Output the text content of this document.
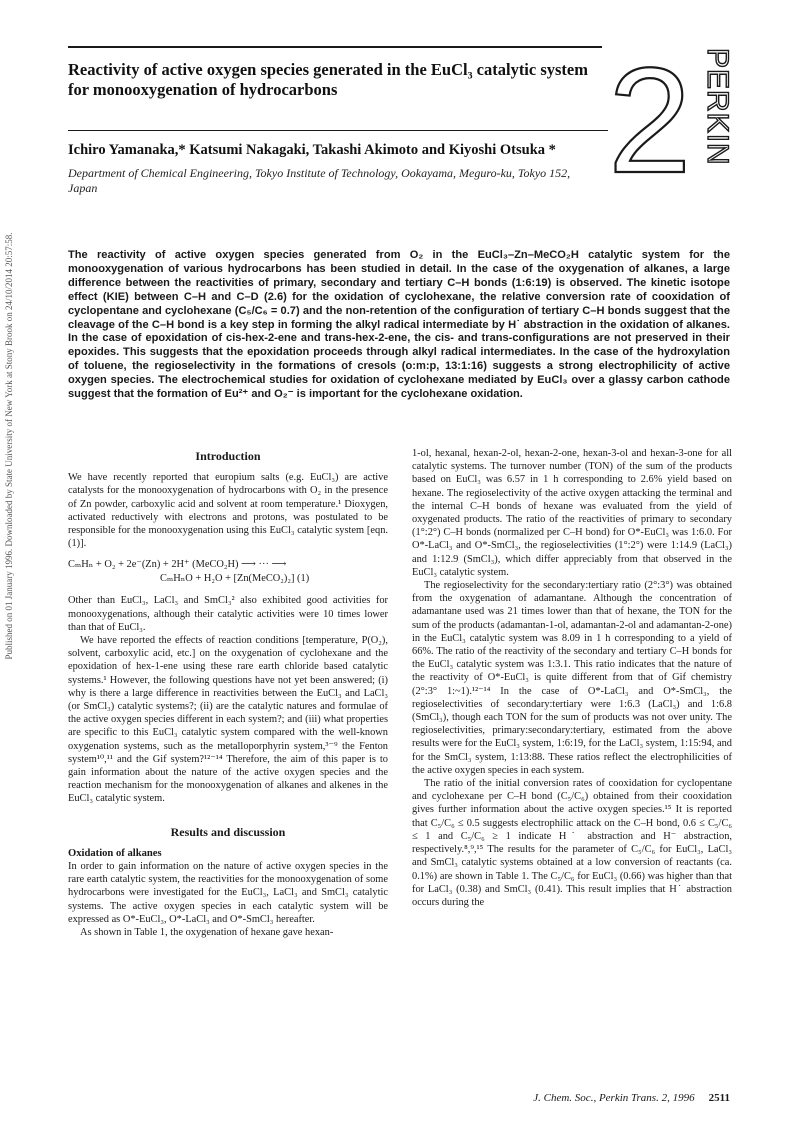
Published on 01 January 1996. Downloaded by State University of New York at Stony Brook on 24/10/2014 20:57:58.
2 PERKIN
Reactivity of active oxygen species generated in the EuCl₃ catalytic system for monooxygenation of hydrocarbons
Ichiro Yamanaka,* Katsumi Nakagaki, Takashi Akimoto and Kiyoshi Otsuka *
Department of Chemical Engineering, Tokyo Institute of Technology, Ookayama, Meguro-ku, Tokyo 152, Japan
The reactivity of active oxygen species generated from O₂ in the EuCl₃–Zn–MeCO₂H catalytic system for the monooxygenation of various hydrocarbons has been studied in detail. In the case of the oxygenation of alkanes, a large difference between the reactivities of primary, secondary and tertiary C–H bonds (1:6:19) is observed. The kinetic isotope effect (KIE) between C–H and C–D (2.6) for the oxidation of cyclohexane, the relative conversion rate of cooxidation of cyclopentane and cyclohexane (C₅/C₆ = 0.7) and the non-retention of the configuration of tertiary C–H bonds suggest that the cleavage of the C–H bond is a key step in forming the alkyl radical intermediate by H˙ abstraction in the oxidation of alkanes. In the case of epoxidation of cis-hex-2-ene and trans-hex-2-ene, the cis- and trans-configurations are not preserved in their epoxides. This suggests that the epoxidation proceeds through alkyl radical intermediates. In the case of the hydroxylation of toluene, the regioselectivity in the formations of cresols (o:m:p, 13:1:16) suggests a strong electrophilicity of active oxygen species. The electrochemical studies for oxidation of cyclohexane mediated by EuCl₃ over a glassy carbon cathode suggest that the formation of Eu²⁺ and O₂⁻ is important for the cyclohexane oxidation.
Introduction

We have recently reported that europium salts (e.g. EuCl₃) are active catalysts for the monooxygenation of hydrocarbons with O₂ in the presence of Zn powder, carboxylic acid and solvent at room temperature.¹ Dioxygen, activated reductively with electrons and protons, was postulated to be responsible for the monooxygenation using this EuCl₃ catalytic system [eqn. (1)].

CₘHₙ + O₂ + 2e⁻(Zn) + 2H⁺ (MeCO₂H) ⟶ ··· ⟶
CₘHₙO + H₂O + [Zn(MeCO₂)₂] (1)

Other than EuCl₃, LaCl₃ and SmCl₃² also exhibited good activities for monooxygenations, although their catalytic activities were 10 times lower than that of EuCl₃.

We have reported the effects of reaction conditions [temperature, P(O₂), solvent, carboxylic acid, etc.] on the oxygenation of cyclohexane and the epoxidation of hex-1-ene using these rare earth chloride based catalytic systems.¹ However, the following questions have not yet been answered; (i) why is there a large difference in reactivities between the EuCl₃ and LaCl₃ (or SmCl₃) catalytic systems?; (ii) are the catalytic natures and formulae of the active oxygen species different in each system?; and (iii) what properties are specific to this EuCl₃ catalytic system compared with the well-known oxygenation systems, such as the metalloporphyrin system,³⁻⁹ the Fenton system¹⁰,¹¹ and the Gif system?¹²⁻¹⁴ Therefore, the aim of this paper is to gain information about the nature of the active oxygen species and the reaction mechanism for the monooxygenation of alkanes and alkenes in the EuCl₃ catalytic system.

Results and discussion

Oxidation of alkanes

In order to gain information on the nature of active oxygen species in the rare earth catalytic system, the reactivities for the monooxygenation of some hydrocarbons were investigated for the EuCl₃, LaCl₃ and SmCl₃ catalytic systems. The active oxygen species in each catalytic system will be expressed as O*-EuCl₃, O*-LaCl₃ and O*-SmCl₃ hereafter.

As shown in Table 1, the oxygenation of hexane gave hexan-

1-ol, hexanal, hexan-2-ol, hexan-2-one, hexan-3-ol and hexan-3-one for all catalytic systems. The turnover number (TON) of the sum of the products based on EuCl₃ was 6.57 in 1 h corresponding to 2.6% yield based on hexane. The regioselectivity of the active oxygen attacking the terminal and the internal C–H bonds of hexane was evaluated from the yield of oxygenated products. The ratio of the reactivities of primary to secondary (1°:2°) C–H bonds (normalized per C–H bond) for O*-EuCl₃ was 1:6.0. For O*-LaCl₃ and O*-SmCl₃, the regioselectivities (1°:2°) were 1:14.9 (LaCl₃) and 1:12.9 (SmCl₃), which differ appreciably from that observed in the EuCl₃ catalytic system.

The regioselectivity for the secondary:tertiary ratio (2°:3°) was obtained from the oxygenation of adamantane. Although the concentration of adamantane used was 21 times lower than that of hexane, the TON for the sum of the products (adamantan-1-ol, adamantan-2-ol and adamantan-2-one) in the EuCl₃ catalytic system was 8.09 in 1 h corresponding to a yield of 66%. The ratio of the reactivity of the secondary and tertiary C–H bonds for the EuCl₃ catalytic system was 1:3.1. This ratio indicates that the nature of the reactivity of O*-EuCl₃ is quite different from that of Gif chemistry (2°:3° 1:~1).¹²⁻¹⁴ In the case of O*-LaCl₃ and O*-SmCl₃, the regioselectivities of secondary:tertiary were 1:6.3 (LaCl₃) and 1:6.8 (SmCl₃), though each TON for the sum of products was not over unity. The regioselectivities, primary:secondary:tertiary, estimated from the above results were for the EuCl₃ system, 1:6:19, for the LaCl₃ system, 1:15:94, and for the SmCl₃ system, 1:13:88. These ratios reflect the electrophilicities of the active oxygen species in each system.

The ratio of the initial conversion rates of cooxidation for cyclopentane and cyclohexane per C–H bond (C₅/C₆) obtained from their cooxidation gives further information about the active oxygen species.¹⁵ It is reported that C₅/C₆ ≤ 0.5 suggests electrophilic attack on the C–H bond, 0.6 ≤ C₅/C₆ ≤ 1 and C₅/C₆ ≥ 1 indicate H˙ abstraction and H⁻ abstraction, respectively.⁸,⁹,¹⁵ The results for the parameter of C₅/C₆ for EuCl₃, LaCl₃ and SmCl₃ catalytic systems obtained at a low conversion of reactants (ca. 0.1%) are shown in Table 1. The C₅/C₆ for EuCl₃ (0.66) was higher than that for LaCl₃ (0.38) and SmCl₃ (0.41). This result implies that H˙ abstraction occurs during the

J. Chem. Soc., Perkin Trans. 2, 1996 2511
